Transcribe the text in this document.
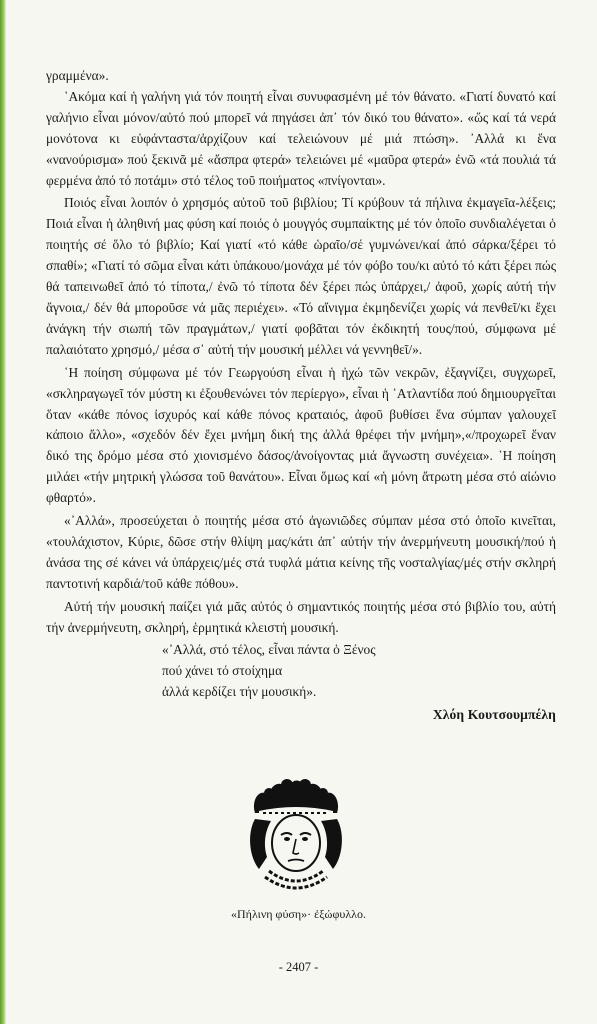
γραμμένα».

῾Ακόμα καί ἡ γαλήνη γιά τόν ποιητή εἶναι συνυφασμένη μέ τόν θάνατο. «Γιατί δυνατό καί γαλήνιο εἶναι μόνον/αὐτό πού μπορεῖ νά πηγάσει ἀπ᾿ τόν δικό του θάνατο». «ὥς καί τά νερά μονότονα κι εὐφάνταστα/ἀρχίζουν καί τελειώνουν μέ μιά πτώση». ᾿Αλλά κι ἕνα «νανούρισμα» πού ξεκινᾶ μέ «ἄσπρα φτερά» τελειώνει μέ «μαῦρα φτερά» ἐνῶ «τά πουλιά τά φερμένα ἀπό τό ποτάμι» στό τέλος τοῦ ποιήματος «πνίγονται».

Ποιός εἶναι λοιπόν ὁ χρησμός αὐτοῦ τοῦ βιβλίου; Τί κρύβουν τά πήλινα ἐκμαγεῖα-λέξεις; Ποιά εἶναι ἡ ἀληθινή μας φύση καί ποιός ὁ μουγγός συμπαίκτης μέ τόν ὁποῖο συνδιαλέγεται ὁ ποιητής σέ ὅλο τό βιβλίο; Καί γιατί «τό κάθε ὡραῖο/σέ γυμνώνει/καί ἀπό σάρκα/ξέρει τό σπαθί»; «Γιατί τό σῶμα εἶναι κάτι ὑπάκουο/μονάχα μέ τόν φόβο του/κι αὐτό τό κάτι ξέρει πώς θά ταπεινωθεῖ ἀπό τό τίποτα,/ ἐνῶ τό τίποτα δέν ξέρει πώς ὑπάρχει,/ ἀφοῦ, χωρίς αὐτή τήν ἄγνοια,/ δέν θά μποροῦσε νά μᾶς περιέχει». «Τό αἴνιγμα ἐκμηδενίζει χωρίς νά πενθεῖ/κι ἔχει ἀνάγκη τήν σιωπή τῶν πραγμάτων,/ γιατί φοβᾶται τόν ἐκδικητή τους/πού, σύμφωνα μέ παλαιότατο χρησμό,/ μέσα σ᾿ αὐτή τήν μουσική μέλλει νά γεννηθεῖ/».

῾Η ποίηση σύμφωνα μέ τόν Γεωργούση εἶναι ἡ ἠχώ τῶν νεκρῶν, ἐξαγνίζει, συγχωρεῖ, «σκληραγωγεῖ τόν μύστη κι ἐξουθενώνει τόν περίεργο», εἶναι ἡ ᾿Ατλαντίδα πού δημιουργεῖται ὅταν «κάθε πόνος ἰσχυρός καί κάθε πόνος κραταιός, ἀφοῦ βυθίσει ἕνα σύμπαν γαλουχεῖ κάποιο ἄλλο», «σχεδόν δέν ἔχει μνήμη δική της ἀλλά θρέφει τήν μνήμη»,«/προχωρεῖ ἕναν δικό της δρόμο μέσα στό χιονισμένο δάσος/ἀνοίγοντας μιά ἄγνωστη συνέχεια». ῾Η ποίηση μιλάει «τήν μητρική γλώσσα τοῦ θανάτου». Εἶναι ὅμως καί «ἡ μόνη ἄτρωτη μέσα στό αἰώνιο φθαρτό».

«᾿Αλλά», προσεύχεται ὁ ποιητής μέσα στό ἀγωνιῶδες σύμπαν μέσα στό ὁποῖο κινεῖται, «τουλάχιστον, Κύριε, δῶσε στήν θλίψη μας/κάτι ἀπ᾿ αὐτήν τήν ἀνερμήνευτη μουσική/πού ἡ ἀνάσα της σέ κάνει νά ὑπάρχεις/μές στά τυφλά μάτια κείνης τῆς νοσταλγίας/μές στήν σκληρή παντοτινή καρδιά/τοῦ κάθε πόθου».

Αὐτή τήν μουσική παίζει γιά μᾶς αὐτός ὁ σημαντικός ποιητής μέσα στό βιβλίο του, αὐτή τήν ἀνερμήνευτη, σκληρή, ἑρμητικά κλειστή μουσική.

«᾿Αλλά, στό τέλος, εἶναι πάντα ὁ Ξένος
πού χάνει τό στοίχημα
ἀλλά κερδίζει τήν μουσική».
Χλόη Κουτσουμπέλη
«Πήλινη φύση»· ἐξώφυλλο.
- 2407 -
